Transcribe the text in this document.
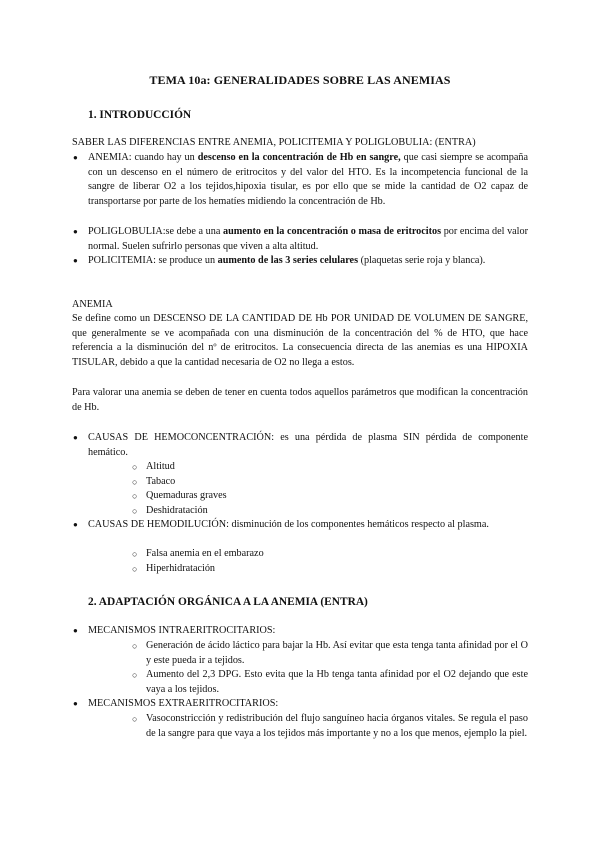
TEMA 10a: GENERALIDADES SOBRE LAS ANEMIAS
1. INTRODUCCIÓN
SABER LAS DIFERENCIAS ENTRE ANEMIA, POLICITEMIA Y POLIGLOBULIA: (ENTRA)
● ANEMIA: cuando hay un descenso en la concentración de Hb en sangre, que casi siempre se acompaña con un descenso en el número de eritrocitos y del valor del HTO. Es la incompetencia funcional de la sangre de liberar O2 a los tejidos,hipoxia tisular, es por ello que se mide la cantidad de O2 capaz de transportarse por parte de los hematíes midiendo la concentración de Hb.
● POLIGLOBULIA:se debe a una aumento en la concentración o masa de eritrocitos por encima del valor normal. Suelen sufrirlo personas que viven a alta altitud.
● POLICITEMIA: se produce un aumento de las 3 series celulares (plaquetas serie roja y blanca).
ANEMIA
Se define como un DESCENSO DE LA CANTIDAD DE Hb POR UNIDAD DE VOLUMEN DE SANGRE, que generalmente se ve acompañada con una disminución de la concentración del % de HTO, que hace referencia a la disminución del nº de eritrocitos. La consecuencia directa de las anemias es una HIPOXIA TISULAR, debido a que la cantidad necesaria de O2 no llega a estos.
Para valorar una anemia se deben de tener en cuenta todos aquellos parámetros que modifican la concentración de Hb.
● CAUSAS DE HEMOCONCENTRACIÓN: es una pérdida de plasma SIN pérdida de componente hemático.
○ Altitud
○ Tabaco
○ Quemaduras graves
○ Deshidratación
● CAUSAS DE HEMODILUCIÓN: disminución de los componentes hemáticos respecto al plasma.
○ Falsa anemia en el embarazo
○ Hiperhidratación
2. ADAPTACIÓN ORGÁNICA A LA ANEMIA (ENTRA)
● MECANISMOS INTRAERITROCITARIOS:
○ Generación de ácido láctico para bajar la Hb. Así evitar que esta tenga tanta afinidad por el O y este pueda ir a tejidos.
○ Aumento del 2,3 DPG. Esto evita que la Hb tenga tanta afinidad por el O2 dejando que este vaya a los tejidos.
● MECANISMOS EXTRAERITROCITARIOS:
○ Vasoconstricción y redistribución del flujo sanguíneo hacia órganos vitales. Se regula el paso de la sangre para que vaya a los tejidos más importante y no a los que menos, ejemplo la piel.
